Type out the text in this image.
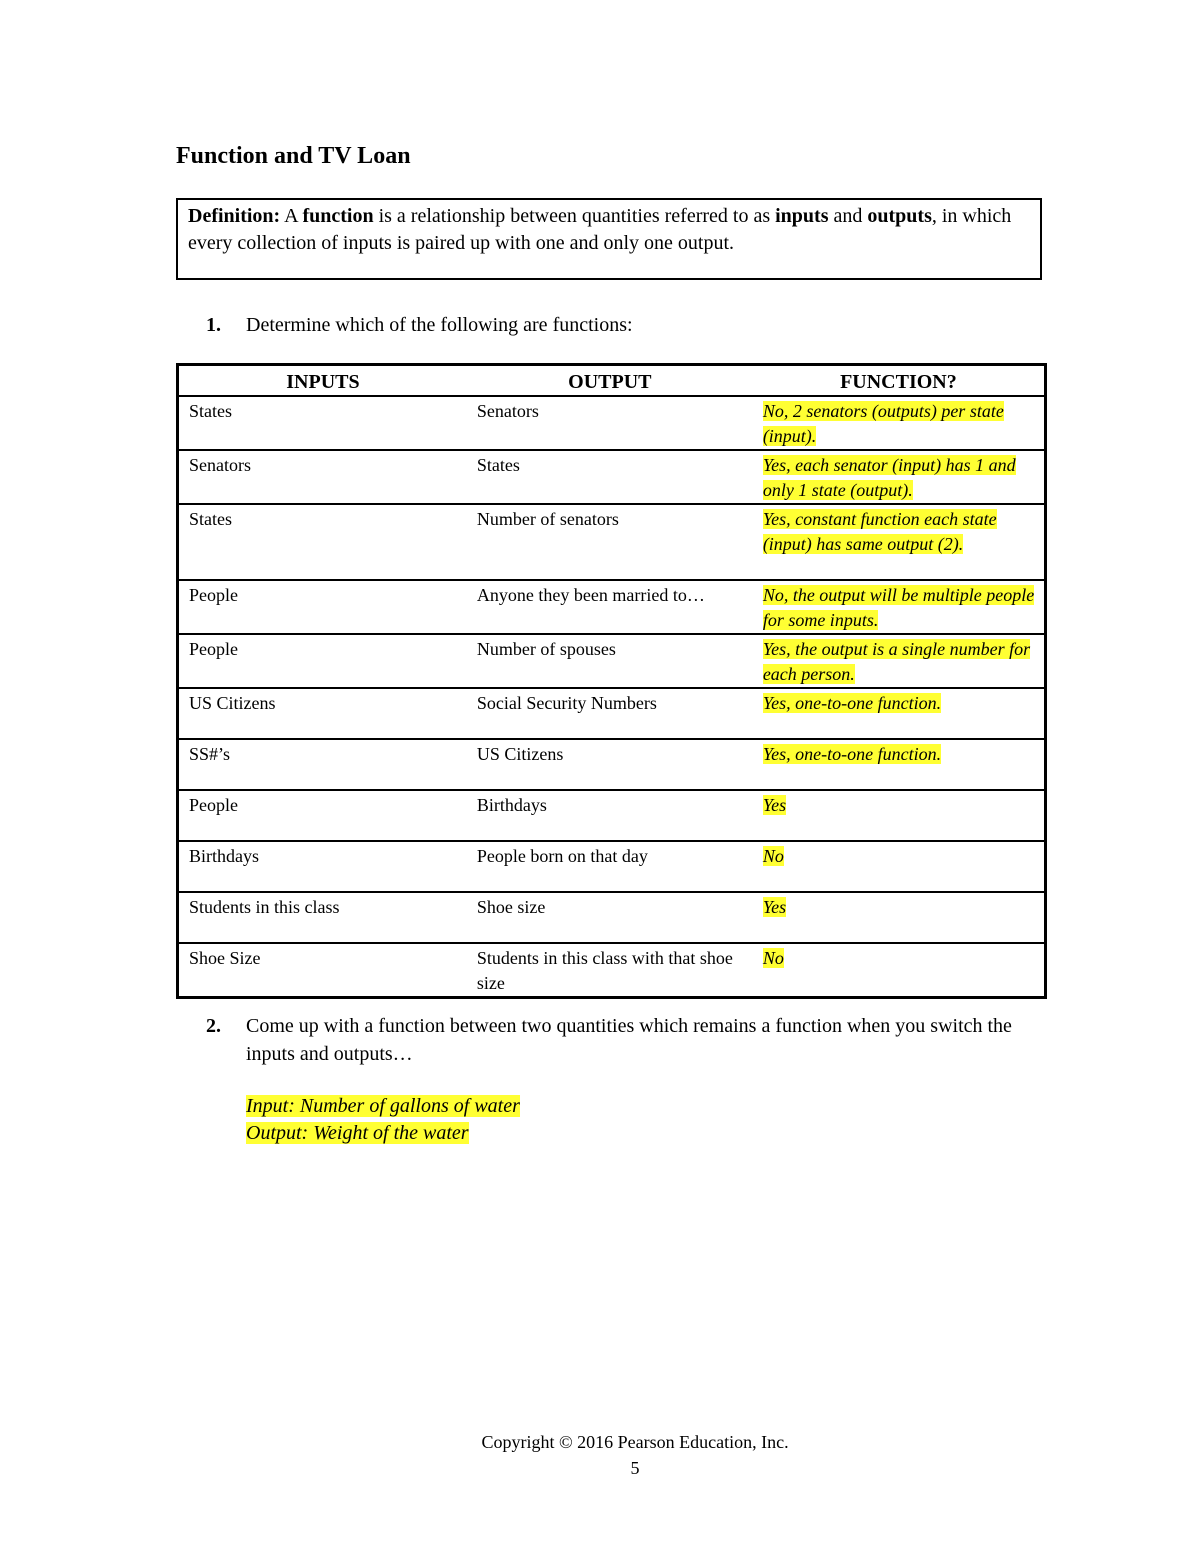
Function and TV Loan
Definition: A function is a relationship between quantities referred to as inputs and outputs, in which every collection of inputs is paired up with one and only one output.
1. Determine which of the following are functions:
INPUTS	OUTPUT	FUNCTION?
States	Senators	No, 2 senators (outputs) per state (input).
Senators	States	Yes, each senator (input) has 1 and only 1 state (output).
States	Number of senators	Yes, constant function each state (input) has same output (2).
People	Anyone they been married to…	No, the output will be multiple people for some inputs.
People	Number of spouses	Yes, the output is a single number for each person.
US Citizens	Social Security Numbers	Yes, one-to-one function.
SS#’s	US Citizens	Yes, one-to-one function.
People	Birthdays	Yes
Birthdays	People born on that day	No
Students in this class	Shoe size	Yes
Shoe Size	Students in this class with that shoe size	No
2. Come up with a function between two quantities which remains a function when you switch the inputs and outputs…
Input: Number of gallons of water
Output: Weight of the water
Copyright © 2016 Pearson Education, Inc.
5
